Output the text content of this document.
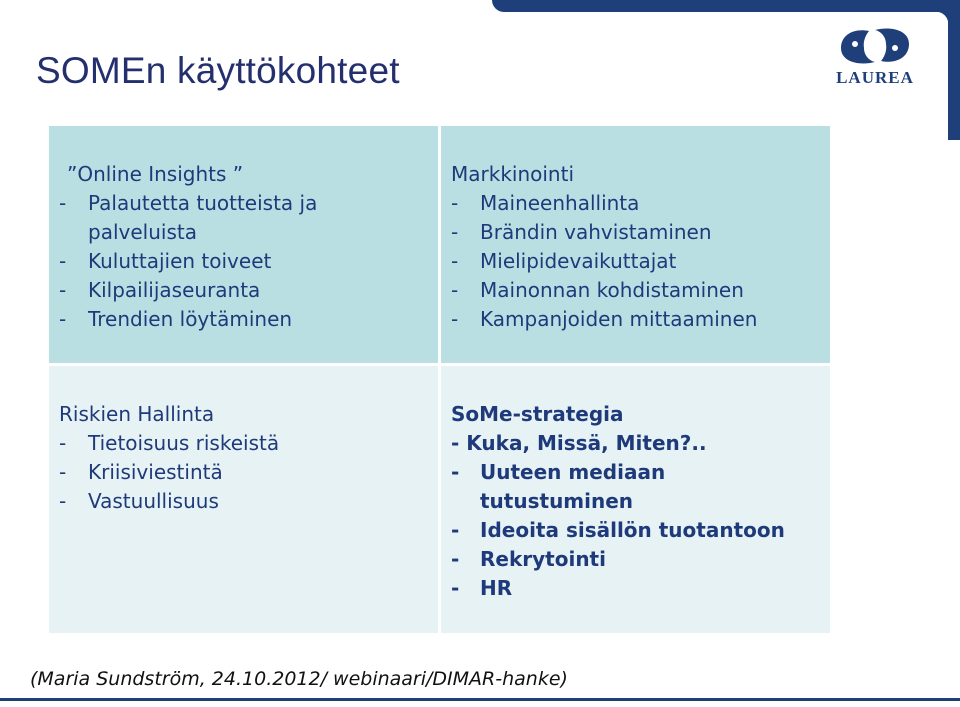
SOMEn käyttökohteet	LAUREA
”Online Insights ”
- Palautetta tuotteista ja palveluista
- Kuluttajien toiveet
- Kilpailijaseuranta
- Trendien löytäminen
Markkinointi
- Maineenhallinta
- Brändin vahvistaminen
- Mielipidevaikuttajat
- Mainonnan kohdistaminen
- Kampanjoiden mittaaminen
Riskien Hallinta
- Tietoisuus riskeistä
- Kriisiviestintä
- Vastuullisuus
SoMe-strategia
- Kuka, Missä, Miten?..
- Uuteen mediaan tutustuminen
- Ideoita sisällön tuotantoon
- Rekrytointi
- HR

(Maria Sundström, 24.10.2012/ webinaari/DIMAR-hanke)
